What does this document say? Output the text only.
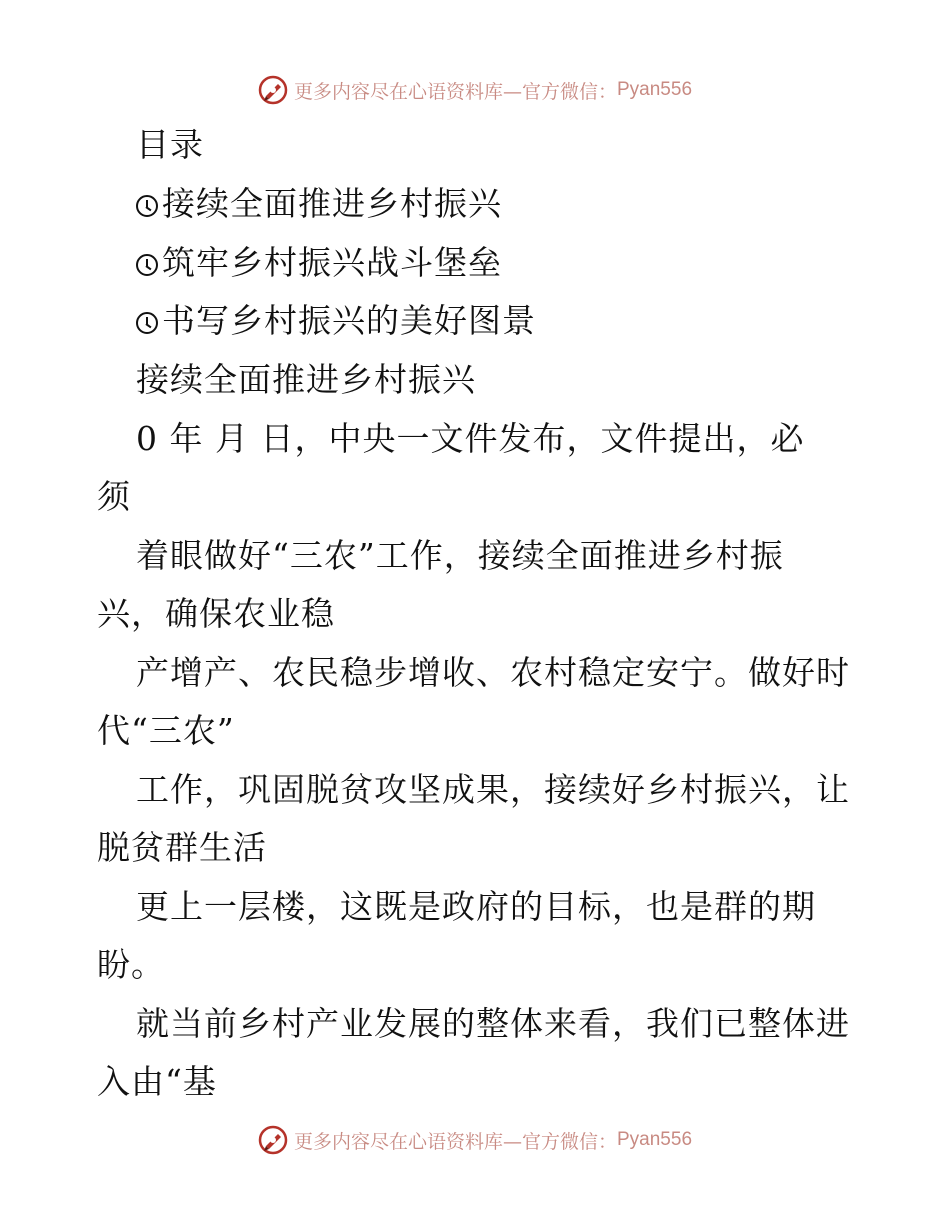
更多内容尽在心语资料库—官方微信： Pyan556
目录
接续全面推进乡村振兴
筑牢乡村振兴战斗堡垒
书写乡村振兴的美好图景
接续全面推进乡村振兴
0 年 月 日，中央一文件发布，文件提出，必
须
着眼做好“三农”工作，接续全面推进乡村振
兴，确保农业稳
产增产、农民稳步增收、农村稳定安宁。做好时
代“三农”
工作，巩固脱贫攻坚成果，接续好乡村振兴，让
脱贫群生活
更上一层楼，这既是政府的目标，也是群的期
盼。
就当前乡村产业发展的整体来看，我们已整体进
入由“基
更多内容尽在心语资料库—官方微信： Pyan556
